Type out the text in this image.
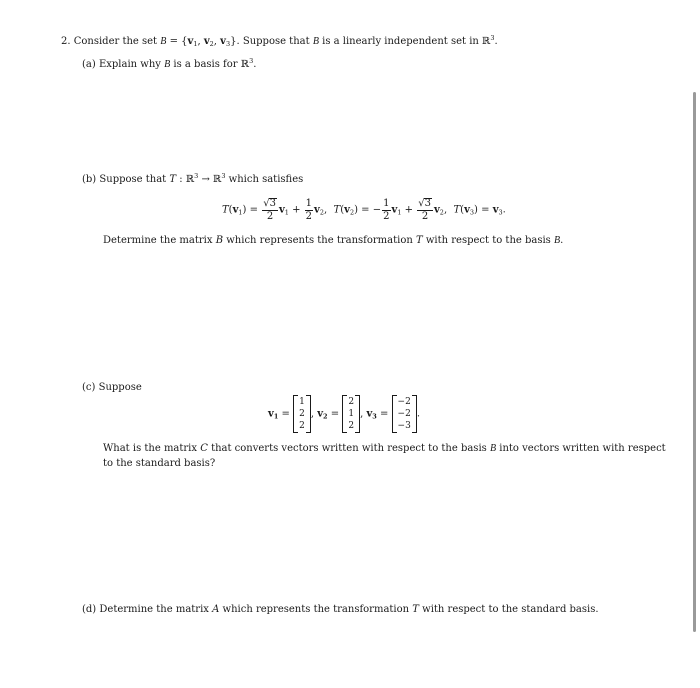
2. Consider the set $B = \{v_1$, $v_2$, $v_3$}. Suppose that B is a linearly independent set in ℝ$^3$.
(a) Explain why B is a basis for ℝ$^3$.
(b) Suppose that T : ℝ$^3$ → ℝ$^3$ which satisfies
$T(v_1) = \frac{√3}{2} v_1 + \frac{1}{2} v_2$, $T(v_2)$ = − $\frac{1}{2} v_1 + \frac{√3}{2} v_2$, $T(v_3) = v_3$.
Determine the matrix B which represents the transformation T with respect to the basis B.
(c) Suppose
$v_1$ =
1
2
2
, $v_2$ =
2
1
2
, $v_3$ =
−2
−2
−3
.
What is the matrix C that converts vectors written with respect to the basis B into vectors written with respect
to the standard basis?
(d) Determine the matrix A which represents the transformation T with respect to the standard basis.
